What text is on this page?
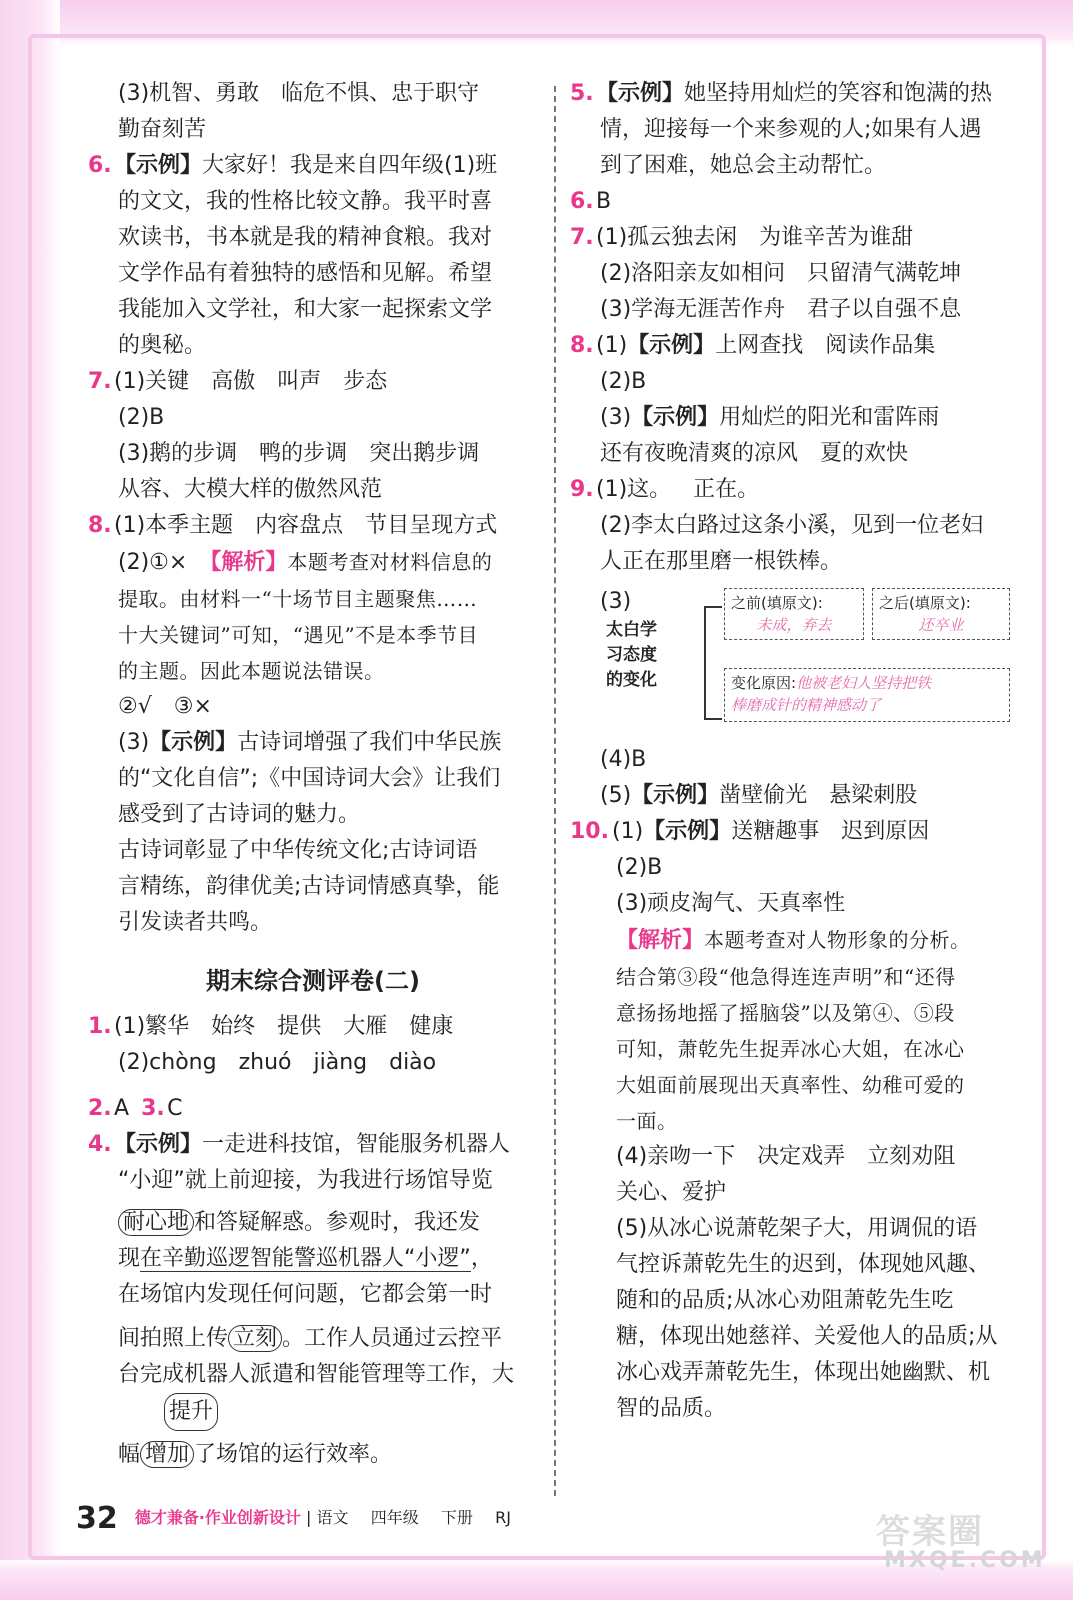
(3)机智、勇敢 临危不惧、忠于职守
勤奋刻苦
6. 【示例】大家好！我是来自四年级(1)班
的文文，我的性格比较文静。我平时喜
欢读书，书本就是我的精神食粮。我对
文学作品有着独特的感悟和见解。希望
我能加入文学社，和大家一起探索文学
的奥秘。
7. (1)关键 高傲 叫声 步态
(2)B
(3)鹅的步调 鸭的步调 突出鹅步调
从容、大模大样的傲然风范
8. (1)本季主题 内容盘点 节目呈现方式
(2)①× 【解析】本题考查对材料信息的
提取。由材料一“十场节目主题聚焦……
十大关键词”可知，“遇见”不是本季节目
的主题。因此本题说法错误。
②√ ③×
(3)【示例】古诗词增强了我们中华民族
的“文化自信”;《中国诗词大会》让我们
感受到了古诗词的魅力。
古诗词彰显了中华传统文化;古诗词语
言精练，韵律优美;古诗词情感真挚，能
引发读者共鸣。
期末综合测评卷(二)
1. (1)繁华 始终 提供 大雁 健康
(2)chòng zhuó jiàng diào
2. A 3. C
4. 【示例】一走进科技馆，智能服务机器人
“小迎”就上前迎接，为我进行场馆导览
耐心地 和答疑解惑。参观时，我还发
现在辛勤巡逻智能警巡机器人“小逻”，
在场馆内发现任何问题，它都会第一时
间拍照上传 立刻 。工作人员通过云控平
台完成机器人派遣和智能管理等工作，大
幅 增加
提升
了场馆的运行效率。
5. 【示例】她坚持用灿烂的笑容和饱满的热
情，迎接每一个来参观的人;如果有人遇
到了困难，她总会主动帮忙。
6. B
7. (1)孤云独去闲 为谁辛苦为谁甜
(2)洛阳亲友如相问 只留清气满乾坤
(3)学海无涯苦作舟 君子以自强不息
8. (1)【示例】上网查找 阅读作品集
(2)B
(3)【示例】用灿烂的阳光和雷阵雨
还有夜晚清爽的凉风 夏的欢快
9. (1)这。 正在。
(2)李太白路过这条小溪，见到一位老妇
人正在那里磨一根铁棒。
(3)
太白学
习态度
的变化
之前(填原文):
未成，弃去
之后(填原文):
还卒业
变化原因:他被老妇人坚持把铁
棒磨成针的精神感动了
(4)B
(5)【示例】凿壁偷光 悬梁刺股
10. (1)【示例】送糖趣事 迟到原因
(2)B
(3)顽皮淘气、天真率性
【解析】本题考查对人物形象的分析。
结合第③段“他急得连连声明”和“还得
意扬扬地摇了摇脑袋”以及第④、⑤段
可知，萧乾先生捉弄冰心大姐，在冰心
大姐面前展现出天真率性、幼稚可爱的
一面。
(4)亲吻一下 决定戏弄 立刻劝阻
关心、爱护
(5)从冰心说萧乾架子大，用调侃的语
气控诉萧乾先生的迟到，体现她风趣、
随和的品质;从冰心劝阻萧乾先生吃
糖，体现出她慈祥、关爱他人的品质;从
冰心戏弄萧乾先生，体现出她幽默、机
智的品质。
32 德才兼备·作业创新设计 | 语文 四年级 下册 RJ	答案圈
MXQE.COM
